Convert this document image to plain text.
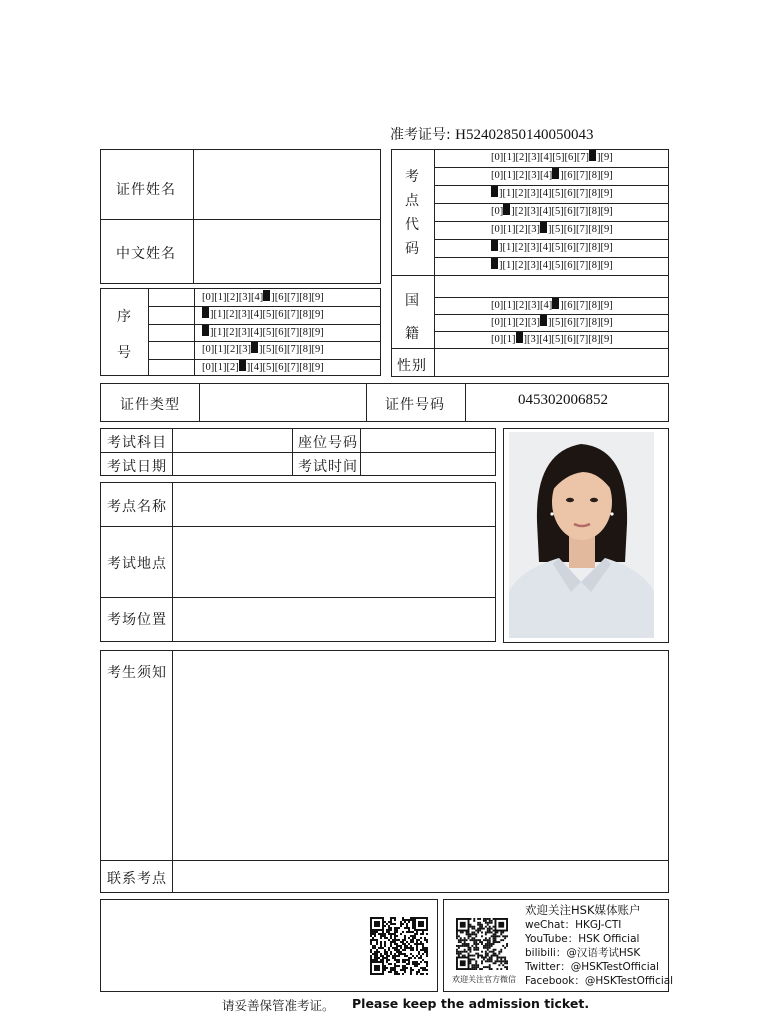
准考证号: H52402850140050043
证件姓名
中文姓名
序
号
[0][1][2][3][4] ][6][7][8][9]
][1][2][3][4][5][6][7][8][9]
][1][2][3][4][5][6][7][8][9]
[0][1][2][3] ][5][6][7][8][9]
[0][1][2] ][4][5][6][7][8][9]
考
点
代
码
[0][1][2][3][4][5][6][7] ][9]
[0][1][2][3][4] ][6][7][8][9]
][1][2][3][4][5][6][7][8][9]
[0] ][2][3][4][5][6][7][8][9]
[0][1][2][3] ][5][6][7][8][9]
][1][2][3][4][5][6][7][8][9]
][1][2][3][4][5][6][7][8][9]
国
籍
[0][1][2][3][4] ][6][7][8][9]
[0][1][2][3] ][5][6][7][8][9]
[0][1] ][3][4][5][6][7][8][9]
性别
证件类型	证件号码	045302006852
考试科目	座位号码
考试日期	考试时间
考点名称
考试地点
考场位置
考生须知
联系考点
欢迎关注官方微信
欢迎关注HSK媒体账户
weChat：HKGJ-CTI
YouTube：HSK Official
bilibili：@汉语考试HSK
Twitter：@HSKTestOfficial
Facebook：@HSKTestOfficial
请妥善保管准考证。 Please keep the admission ticket.
